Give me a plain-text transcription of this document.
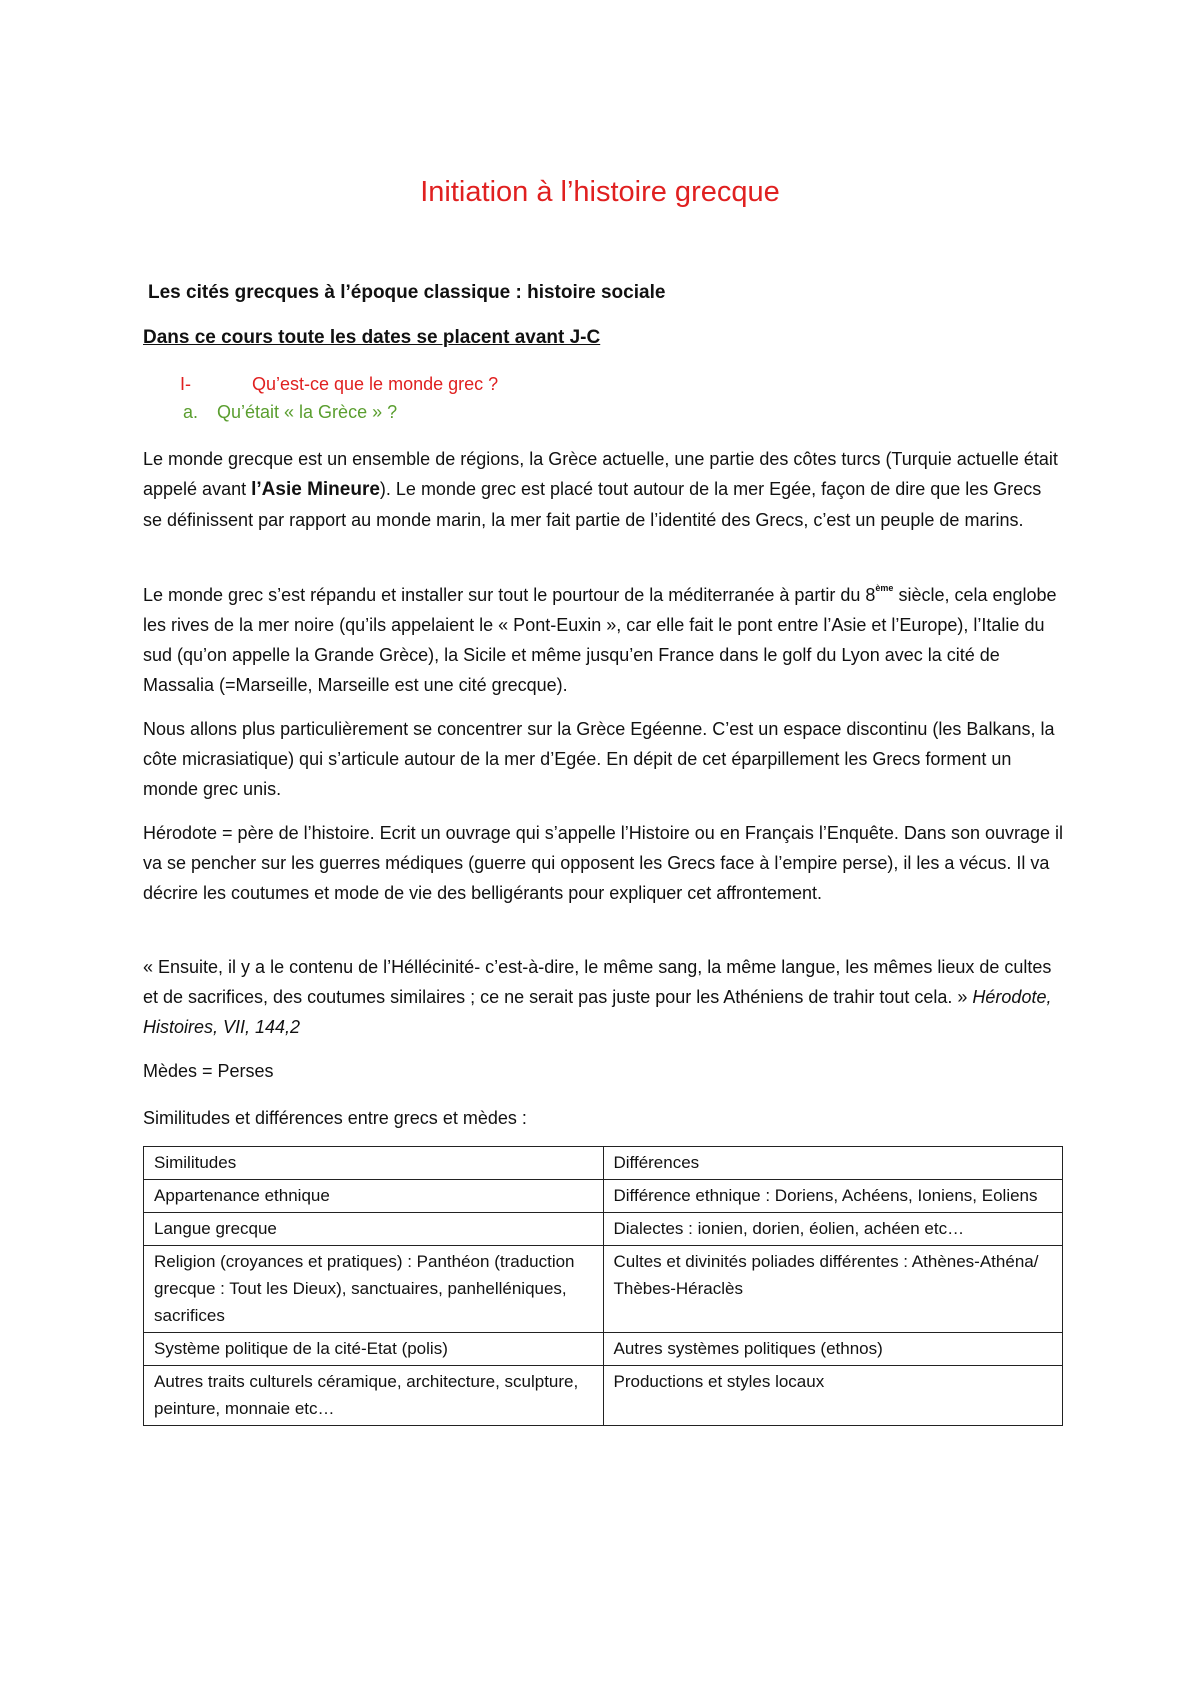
Initiation à l’histoire grecque
Les cités grecques à l’époque classique : histoire sociale
Dans ce cours toute les dates se placent avant J-C
I-	Qu’est-ce que le monde grec ?
a. Qu’était « la Grèce » ?
Le monde grecque est un ensemble de régions, la Grèce actuelle, une partie des côtes turcs (Turquie actuelle était appelé avant l’Asie Mineure). Le monde grec est placé tout autour de la mer Egée, façon de dire que les Grecs se définissent par rapport au monde marin, la mer fait partie de l’identité des Grecs, c’est un peuple de marins.
Le monde grec s’est répandu et installer sur tout le pourtour de la méditerranée à partir du 8ème siècle, cela englobe les rives de la mer noire (qu’ils appelaient le « Pont-Euxin », car elle fait le pont entre l’Asie et l’Europe), l’Italie du sud (qu’on appelle la Grande Grèce), la Sicile et même jusqu’en France dans le golf du Lyon avec la cité de Massalia (=Marseille, Marseille est une cité grecque).
Nous allons plus particulièrement se concentrer sur la Grèce Egéenne. C’est un espace discontinu (les Balkans, la côte micrasiatique) qui s’articule autour de la mer d’Egée. En dépit de cet éparpillement les Grecs forment un monde grec unis.
Hérodote = père de l’histoire. Ecrit un ouvrage qui s’appelle l’Histoire ou en Français l’Enquête. Dans son ouvrage il va se pencher sur les guerres médiques (guerre qui opposent les Grecs face à l’empire perse), il les a vécus. Il va décrire les coutumes et mode de vie des belligérants pour expliquer cet affrontement.
« Ensuite, il y a le contenu de l’Héllécinité- c’est-à-dire, le même sang, la même langue, les mêmes lieux de cultes et de sacrifices, des coutumes similaires ; ce ne serait pas juste pour les Athéniens de trahir tout cela. » Hérodote, Histoires, VII, 144,2
Mèdes = Perses
Similitudes et différences entre grecs et mèdes :
Similitudes	Différences
Appartenance ethnique	Différence ethnique : Doriens, Achéens, Ioniens, Eoliens
Langue grecque	Dialectes : ionien, dorien, éolien, achéen etc…
Religion (croyances et pratiques) : Panthéon (traduction grecque : Tout les Dieux), sanctuaires, panhelléniques, sacrifices	Cultes et divinités poliades différentes : Athènes-Athéna/ Thèbes-Héraclès
Système politique de la cité-Etat (polis)	Autres systèmes politiques (ethnos)
Autres traits culturels céramique, architecture, sculpture, peinture, monnaie etc…	Productions et styles locaux
